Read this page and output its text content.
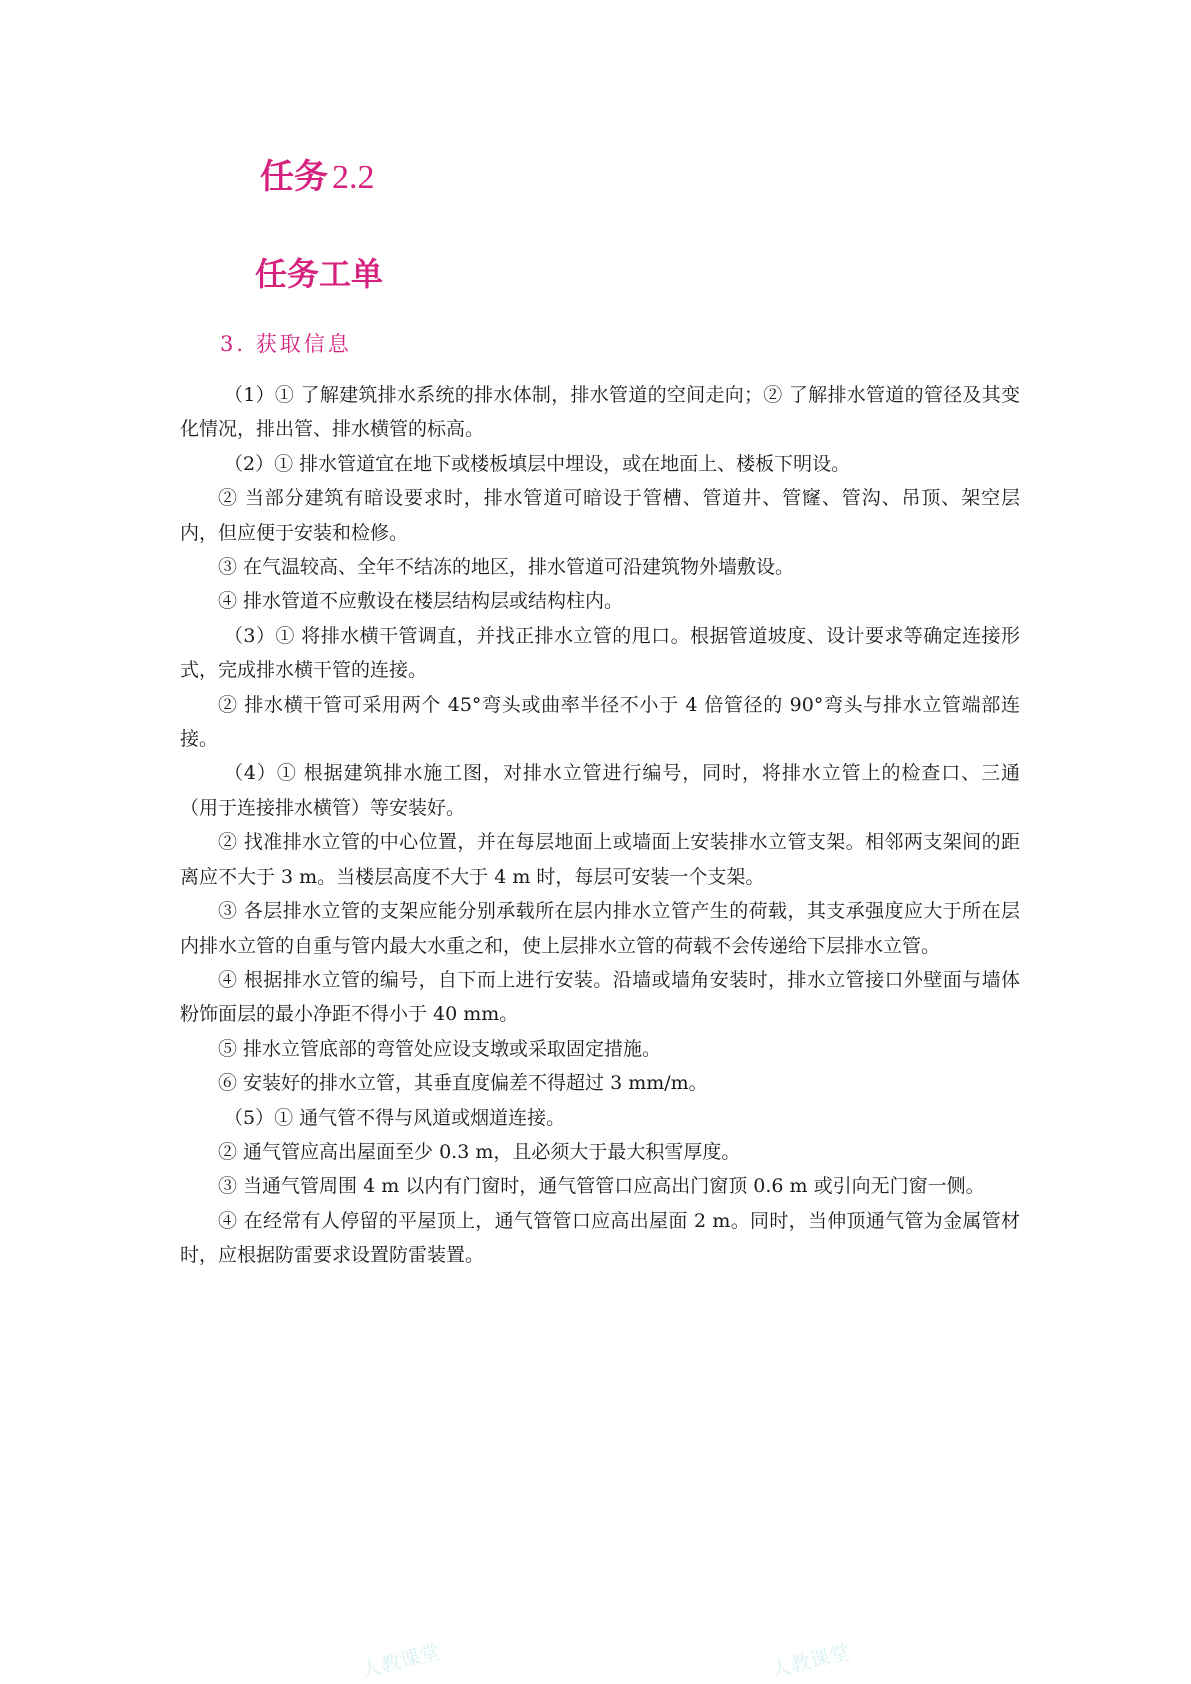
任务 2.2
任务工单
3. 获取信息

（1）① 了解建筑排水系统的排水体制，排水管道的空间走向；② 了解排水管道的管径及其变化情况，排出管、排水横管的标高。

（2）① 排水管道宜在地下或楼板填层中埋设，或在地面上、楼板下明设。

② 当部分建筑有暗设要求时，排水管道可暗设于管槽、管道井、管窿、管沟、吊顶、架空层内，但应便于安装和检修。

③ 在气温较高、全年不结冻的地区，排水管道可沿建筑物外墙敷设。

④ 排水管道不应敷设在楼层结构层或结构柱内。

（3）① 将排水横干管调直，并找正排水立管的甩口。根据管道坡度、设计要求等确定连接形式，完成排水横干管的连接。

② 排水横干管可采用两个 45°弯头或曲率半径不小于 4 倍管径的 90°弯头与排水立管端部连接。

（4）① 根据建筑排水施工图，对排水立管进行编号，同时，将排水立管上的检查口、三通（用于连接排水横管）等安装好。

② 找准排水立管的中心位置，并在每层地面上或墙面上安装排水立管支架。相邻两支架间的距离应不大于 3 m。当楼层高度不大于 4 m 时，每层可安装一个支架。

③ 各层排水立管的支架应能分别承载所在层内排水立管产生的荷载，其支承强度应大于所在层内排水立管的自重与管内最大水重之和，使上层排水立管的荷载不会传递给下层排水立管。

④ 根据排水立管的编号，自下而上进行安装。沿墙或墙角安装时，排水立管接口外壁面与墙体粉饰面层的最小净距不得小于 40 mm。

⑤ 排水立管底部的弯管处应设支墩或采取固定措施。

⑥ 安装好的排水立管，其垂直度偏差不得超过 3 mm/m。

（5）① 通气管不得与风道或烟道连接。

② 通气管应高出屋面至少 0.3 m，且必须大于最大积雪厚度。

③ 当通气管周围 4 m 以内有门窗时，通气管管口应高出门窗顶 0.6 m 或引向无门窗一侧。

④ 在经常有人停留的平屋顶上，通气管管口应高出屋面 2 m。同时，当伸顶通气管为金属管材时，应根据防雷要求设置防雷装置。

人教课堂	人教课堂
